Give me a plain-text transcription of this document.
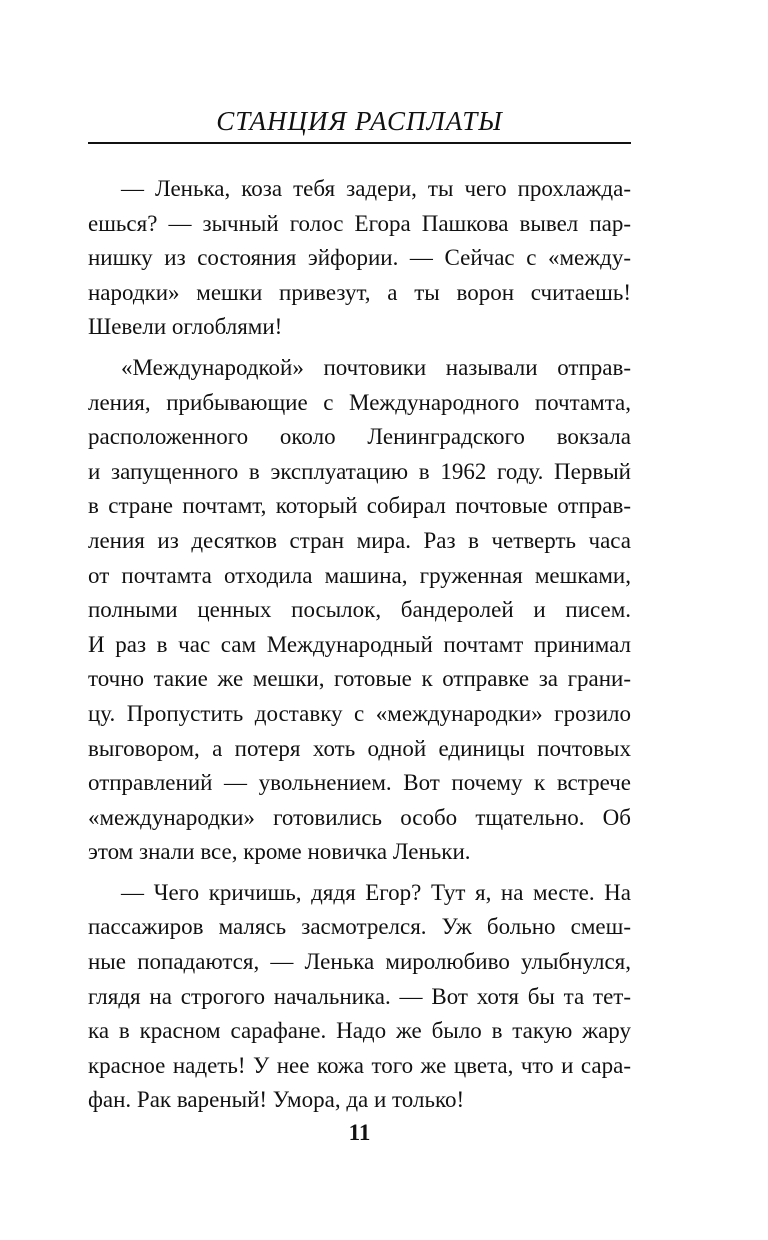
СТАНЦИЯ РАСПЛАТЫ
— Ленька, коза тебя задери, ты чего прохлажда-
ешься? — зычный голос Егора Пашкова вывел пар-
нишку из состояния эйфории. — Сейчас с «между-
народки» мешки привезут, а ты ворон считаешь!
Шевели оглоблями!
«Международкой» почтовики называли отправ-
ления, прибывающие с Международного почтамта,
расположенного около Ленинградского вокзала
и запущенного в эксплуатацию в 1962 году. Первый
в стране почтамт, который собирал почтовые отправ-
ления из десятков стран мира. Раз в четверть часа
от почтамта отходила машина, груженная мешками,
полными ценных посылок, бандеролей и писем.
И раз в час сам Международный почтамт принимал
точно такие же мешки, готовые к отправке за грани-
цу. Пропустить доставку с «международки» грозило
выговором, а потеря хоть одной единицы почтовых
отправлений — увольнением. Вот почему к встрече
«международки» готовились особо тщательно. Об
этом знали все, кроме новичка Леньки.
— Чего кричишь, дядя Егор? Тут я, на месте. На
пассажиров малясь засмотрелся. Уж больно смеш-
ные попадаются, — Ленька миролюбиво улыбнулся,
глядя на строгого начальника. — Вот хотя бы та тет-
ка в красном сарафане. Надо же было в такую жару
красное надеть! У нее кожа того же цвета, что и сара-
фан. Рак вареный! Умора, да и только!
11
